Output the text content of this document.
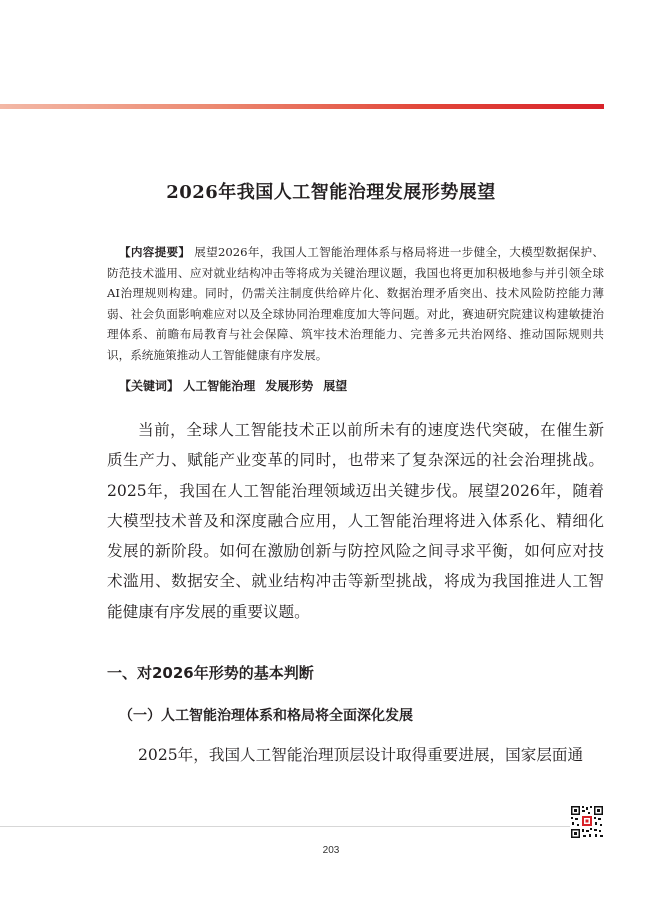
2026年我国人工智能治理发展形势展望

【内容提要】 展望2026年，我国人工智能治理体系与格局将进一步健全，大模型数据保护、防范技术滥用、应对就业结构冲击等将成为关键治理议题，我国也将更加积极地参与并引领全球AI治理规则构建。同时，仍需关注制度供给碎片化、数据治理矛盾突出、技术风险防控能力薄弱、社会负面影响难应对以及全球协同治理难度加大等问题。对此，赛迪研究院建议构建敏捷治理体系、前瞻布局教育与社会保障、筑牢技术治理能力、完善多元共治网络、推动国际规则共识，系统施策推动人工智能健康有序发展。

【关键词】 人工智能治理 发展形势 展望

当前，全球人工智能技术正以前所未有的速度迭代突破，在催生新质生产力、赋能产业变革的同时，也带来了复杂深远的社会治理挑战。2025年，我国在人工智能治理领域迈出关键步伐。展望2026年，随着大模型技术普及和深度融合应用，人工智能治理将进入体系化、精细化发展的新阶段。如何在激励创新与防控风险之间寻求平衡，如何应对技术滥用、数据安全、就业结构冲击等新型挑战，将成为我国推进人工智能健康有序发展的重要议题。

一、对2026年形势的基本判断
（一）人工智能治理体系和格局将全面深化发展

2025年，我国人工智能治理顶层设计取得重要进展，国家层面通

203
